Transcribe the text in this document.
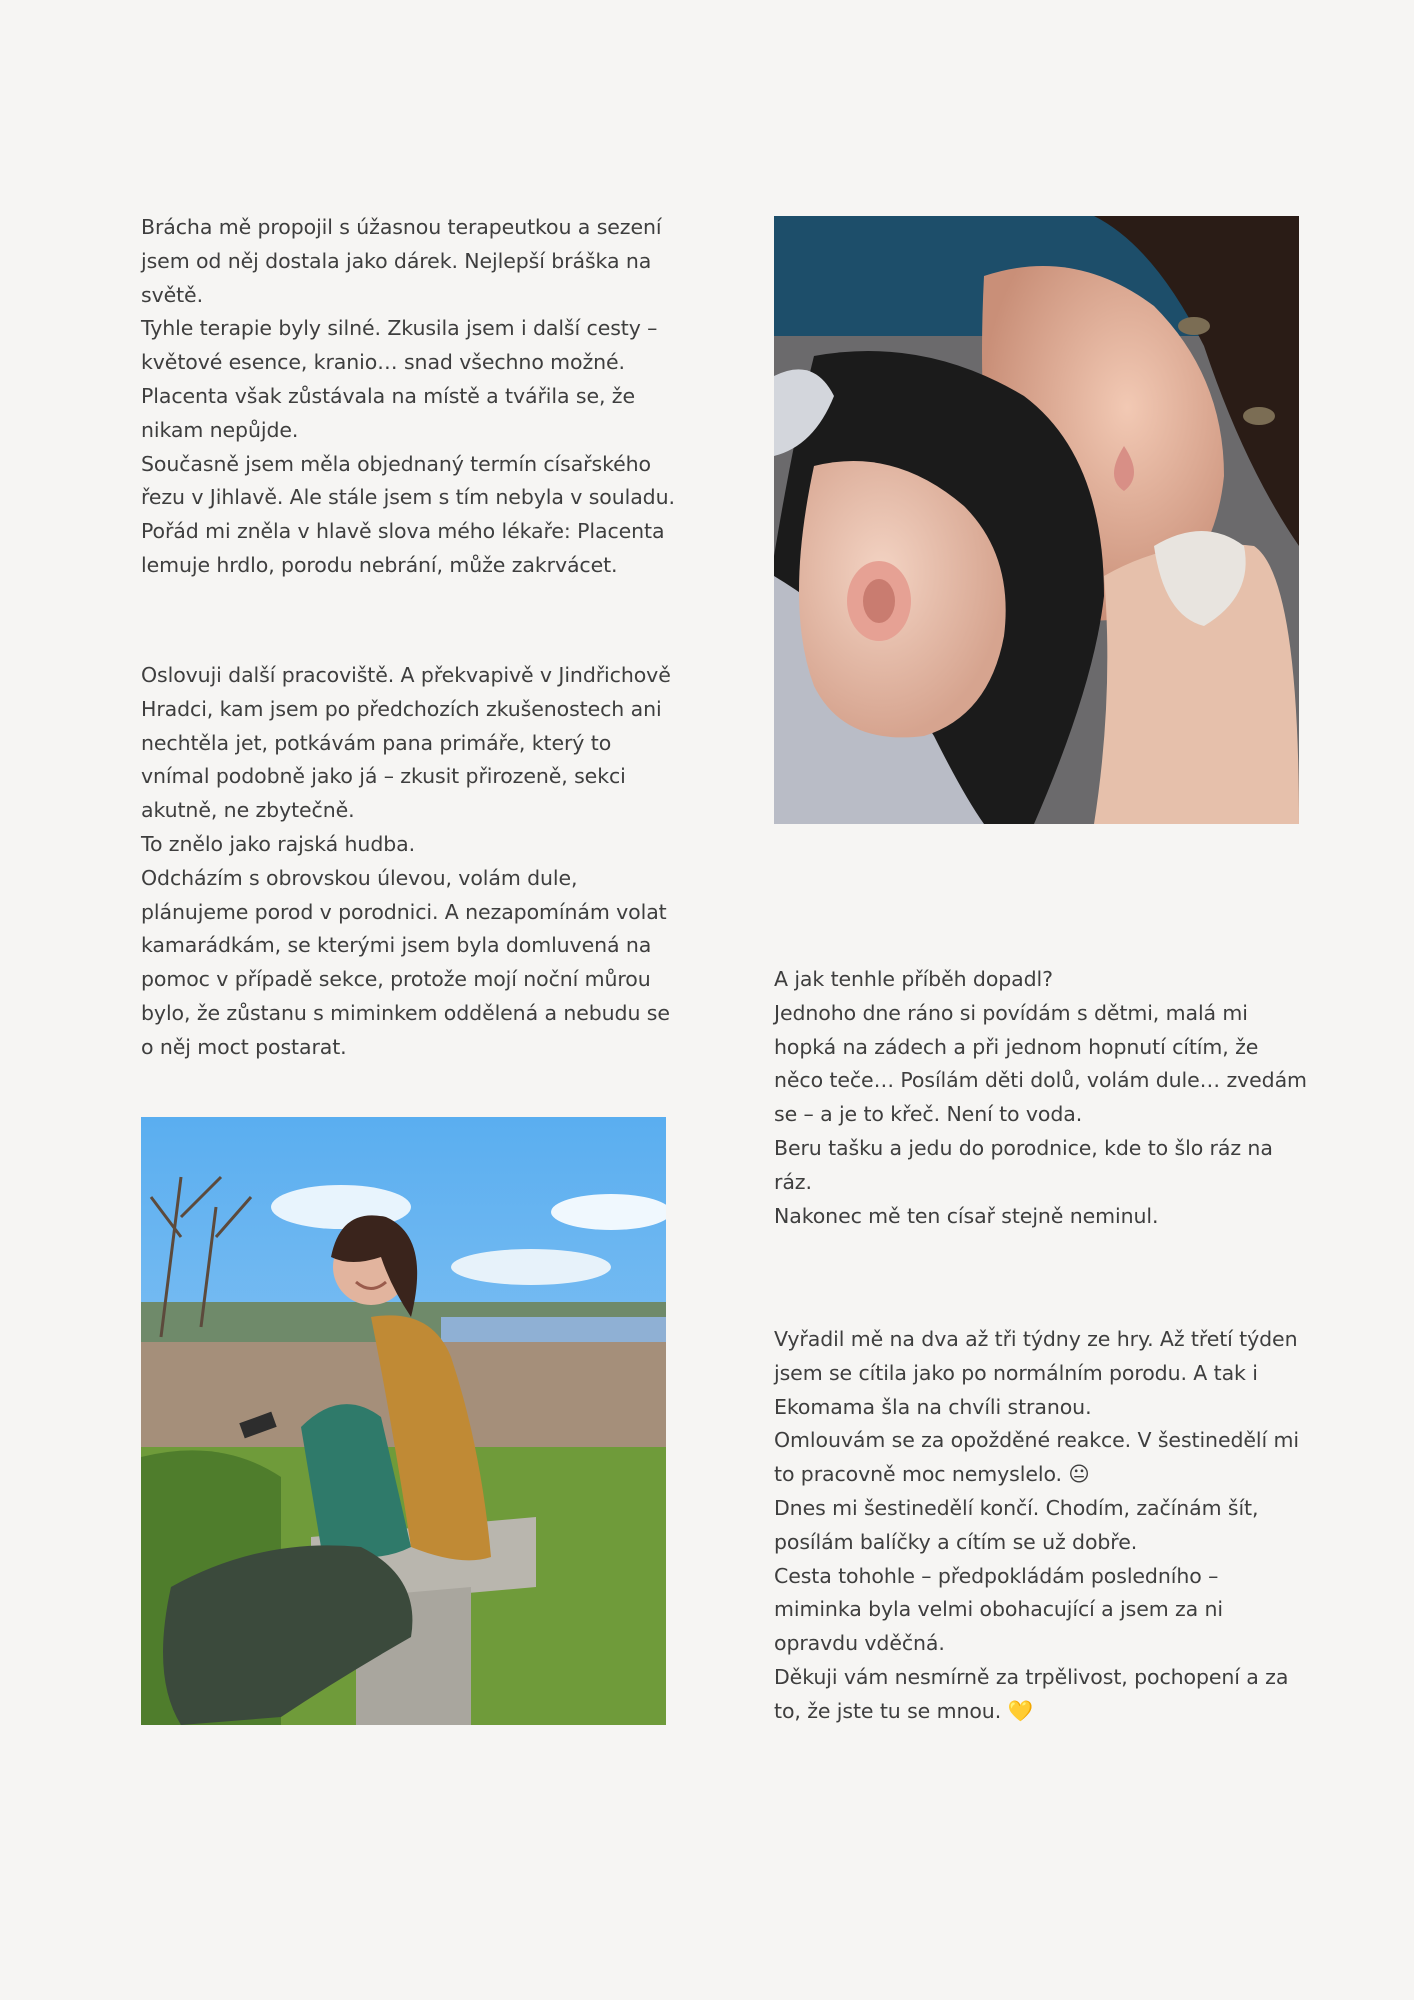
Brácha mě propojil s úžasnou terapeutkou a sezení jsem od něj dostala jako dárek. Nejlepší bráška na světě.

Tyhle terapie byly silné. Zkusila jsem i další cesty – květové esence, kranio… snad všechno možné. Placenta však zůstávala na místě a tvářila se, že nikam nepůjde.

Současně jsem měla objednaný termín císařského řezu v Jihlavě. Ale stále jsem s tím nebyla v souladu. Pořád mi zněla v hlavě slova mého lékaře: Placenta lemuje hrdlo, porodu nebrání, může zakrvácet.

Oslovuji další pracoviště. A překvapivě v Jindřichově Hradci, kam jsem po předchozích zkušenostech ani nechtěla jet, potkávám pana primáře, který to vnímal podobně jako já – zkusit přirozeně, sekci akutně, ne zbytečně.

To znělo jako rajská hudba.

Odcházím s obrovskou úlevou, volám dule, plánujeme porod v porodnici. A nezapomínám volat kamarádkám, se kterými jsem byla domluvená na pomoc v případě sekce, protože mojí noční můrou bylo, že zůstanu s miminkem oddělená a nebudu se o něj moct postarat.

A jak tenhle příběh dopadl?

Jednoho dne ráno si povídám s dětmi, malá mi hopká na zádech a při jednom hopnutí cítím, že něco teče… Posílám děti dolů, volám dule… zvedám se – a je to křeč. Není to voda.

Beru tašku a jedu do porodnice, kde to šlo ráz na ráz.

Nakonec mě ten císař stejně neminul.

Vyřadil mě na dva až tři týdny ze hry. Až třetí týden jsem se cítila jako po normálním porodu. A tak i Ekomama šla na chvíli stranou.

Omlouvám se za opožděné reakce. V šestinedělí mi to pracovně moc nemyslelo. 😐

Dnes mi šestinedělí končí. Chodím, začínám šít, posílám balíčky a cítím se už dobře.

Cesta tohohle – předpokládám posledního – miminka byla velmi obohacující a jsem za ni opravdu vděčná.

Děkuji vám nesmírně za trpělivost, pochopení a za to, že jste tu se mnou. 💛
